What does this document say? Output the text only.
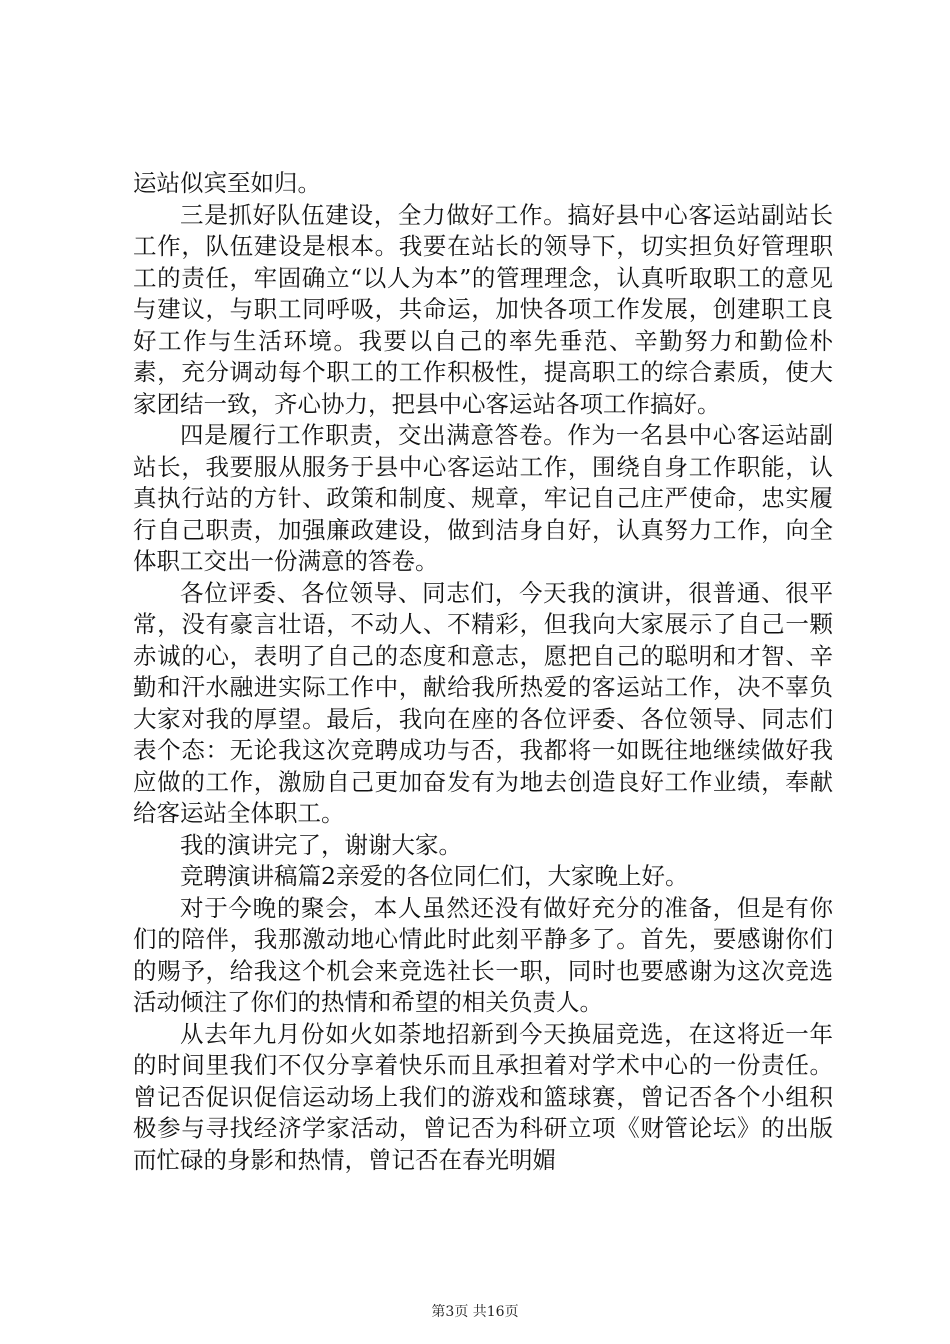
运站似宾至如归。

三是抓好队伍建设，全力做好工作。搞好县中心客运站副站长工作，队伍建设是根本。我要在站长的领导下，切实担负好管理职工的责任，牢固确立“以人为本”的管理理念，认真听取职工的意见与建议，与职工同呼吸，共命运，加快各项工作发展，创建职工良好工作与生活环境。我要以自己的率先垂范、辛勤努力和勤俭朴素，充分调动每个职工的工作积极性，提高职工的综合素质，使大家团结一致，齐心协力，把县中心客运站各项工作搞好。

四是履行工作职责，交出满意答卷。作为一名县中心客运站副站长，我要服从服务于县中心客运站工作，围绕自身工作职能，认真执行站的方针、政策和制度、规章，牢记自己庄严使命，忠实履行自己职责，加强廉政建设，做到洁身自好，认真努力工作，向全体职工交出一份满意的答卷。

各位评委、各位领导、同志们，今天我的演讲，很普通、很平常，没有豪言壮语，不动人、不精彩，但我向大家展示了自己一颗赤诚的心，表明了自己的态度和意志，愿把自己的聪明和才智、辛勤和汗水融进实际工作中，献给我所热爱的客运站工作，决不辜负大家对我的厚望。最后，我向在座的各位评委、各位领导、同志们表个态：无论我这次竞聘成功与否，我都将一如既往地继续做好我应做的工作，激励自己更加奋发有为地去创造良好工作业绩，奉献给客运站全体职工。

我的演讲完了，谢谢大家。

竞聘演讲稿篇2亲爱的各位同仁们，大家晚上好。

对于今晚的聚会，本人虽然还没有做好充分的准备，但是有你们的陪伴，我那激动地心情此时此刻平静多了。首先，要感谢你们的赐予，给我这个机会来竞选社长一职，同时也要感谢为这次竞选活动倾注了你们的热情和希望的相关负责人。

从去年九月份如火如荼地招新到今天换届竞选，在这将近一年的时间里我们不仅分享着快乐而且承担着对学术中心的一份责任。曾记否促识促信运动场上我们的游戏和篮球赛，曾记否各个小组积极参与寻找经济学家活动，曾记否为科研立项《财管论坛》的出版而忙碌的身影和热情，曾记否在春光明媚

第3页 共16页
